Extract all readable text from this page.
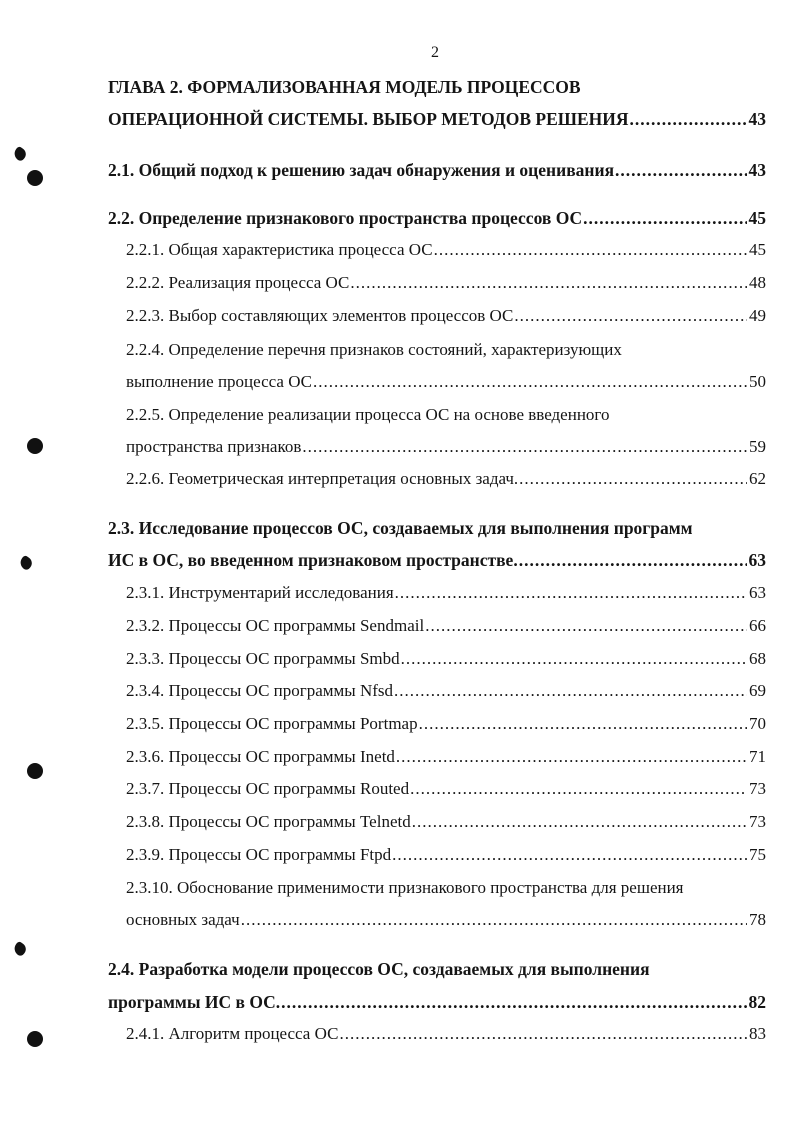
2
ГЛАВА 2. ФОРМАЛИЗОВАННАЯ МОДЕЛЬ ПРОЦЕССОВ
ОПЕРАЦИОННОЙ СИСТЕМЫ. ВЫБОР МЕТОДОВ РЕШЕНИЯ .....	43
2.1. Общий подход к решению задач обнаружения и оценивания .....	43
2.2. Определение признакового пространства процессов ОС .....	45
2.2.1. Общая характеристика процесса ОС .....	45
2.2.2. Реализация процесса ОС .....	48
2.2.3. Выбор составляющих элементов процессов ОС .....	49
2.2.4. Определение перечня признаков состояний, характеризующих
выполнение процесса ОС .....	50
2.2.5. Определение реализации процесса ОС на основе введенного
пространства признаков .....	59
2.2.6. Геометрическая интерпретация основных задач. .....	62
2.3. Исследование процессов ОС, создаваемых для выполнения программ
ИС в ОС, во введенном признаковом пространстве. .....	63
2.3.1. Инструментарий исследования .....	63
2.3.2. Процессы ОС программы Sendmail .....	66
2.3.3. Процессы ОС программы Smbd .....	68
2.3.4. Процессы ОС программы Nfsd .....	69
2.3.5. Процессы ОС программы Portmap .....	70
2.3.6. Процессы ОС программы Inetd .....	71
2.3.7. Процессы ОС программы Routed .....	73
2.3.8. Процессы ОС программы Telnetd .....	73
2.3.9. Процессы ОС программы Ftpd .....	75
2.3.10. Обоснование применимости признакового пространства для решения
основных задач .....	78
2.4. Разработка модели процессов ОС, создаваемых для выполнения
программы ИС в ОС. .....	82
2.4.1. Алгоритм процесса ОС .....	83
